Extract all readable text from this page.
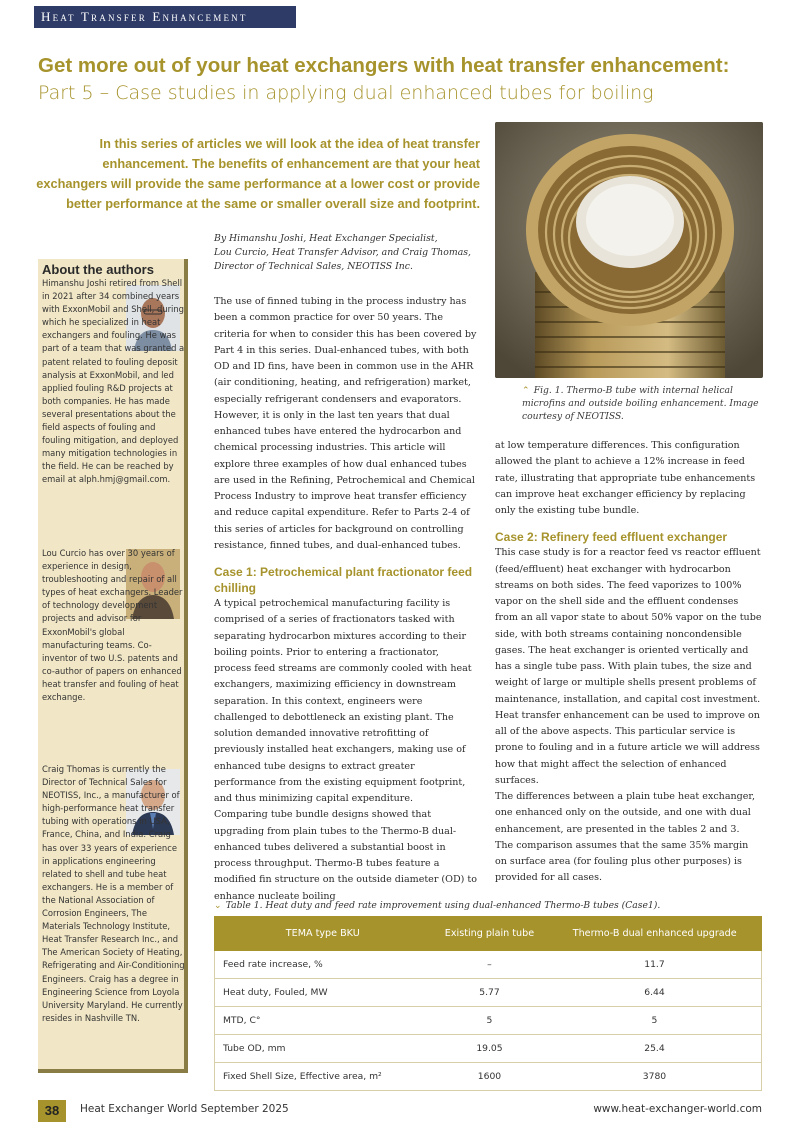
Heat Transfer Enhancement
Get more out of your heat exchangers with heat transfer enhancement:
Part 5 – Case studies in applying dual enhanced tubes for boiling

In this series of articles we will look at the idea of heat transfer enhancement. The benefits of enhancement are that your heat exchangers will provide the same performance at a lower cost or provide better performance at the same or smaller overall size and footprint.

⌃ Fig. 1. Thermo-B tube with internal helical microfins and outside boiling enhancement. Image courtesy of NEOTISS.
About the authors

Himanshu Joshi retired from Shell in 2021 after 34 combined years with ExxonMobil and Shell, during which he specialized in heat exchangers and fouling. He was part of a team that was granted a patent related to fouling deposit analysis at ExxonMobil, and led applied fouling R&D projects at both companies. He has made several presentations about the field aspects of fouling and fouling mitigation, and deployed many mitigation technologies in the field. He can be reached by email at alph.hmj@gmail.com.

Lou Curcio has over 30 years of experience in design, troubleshooting and repair of all types of heat exchangers. Leader of technology development projects and advisor for ExxonMobil's global manufacturing teams. Co-inventor of two U.S. patents and co-author of papers on enhanced heat transfer and fouling of heat exchange.

Craig Thomas is currently the Director of Technical Sales for NEOTISS, Inc., a manufacturer of high-performance heat transfer tubing with operations in USA, France, China, and India. Craig has over 33 years of experience in applications engineering related to shell and tube heat exchangers. He is a member of the National Association of Corrosion Engineers, The Materials Technology Institute, Heat Transfer Research Inc., and The American Society of Heating, Refrigerating and Air-Conditioning Engineers. Craig has a degree in Engineering Science from Loyola University Maryland. He currently resides in Nashville TN.

By Himanshu Joshi, Heat Exchanger Specialist,
Lou Curcio, Heat Transfer Advisor, and Craig Thomas,
Director of Technical Sales, NEOTISS Inc.

The use of finned tubing in the process industry has been a common practice for over 50 years. The criteria for when to consider this has been covered by Part 4 in this series. Dual-enhanced tubes, with both OD and ID fins, have been in common use in the AHR (air conditioning, heating, and refrigeration) market, especially refrigerant condensers and evaporators. However, it is only in the last ten years that dual enhanced tubes have entered the hydrocarbon and chemical processing industries. This article will explore three examples of how dual enhanced tubes are used in the Refining, Petrochemical and Chemical Process Industry to improve heat transfer efficiency and reduce capital expenditure. Refer to Parts 2-4 of this series of articles for background on controlling resistance, finned tubes, and dual-enhanced tubes.

Case 1: Petrochemical plant fractionator feed chilling

A typical petrochemical manufacturing facility is comprised of a series of fractionators tasked with separating hydrocarbon mixtures according to their boiling points. Prior to entering a fractionator, process feed streams are commonly cooled with heat exchangers, maximizing efficiency in downstream separation. In this context, engineers were challenged to debottleneck an existing plant. The solution demanded innovative retrofitting of previously installed heat exchangers, making use of enhanced tube designs to extract greater performance from the existing equipment footprint, and thus minimizing capital expenditure.

Comparing tube bundle designs showed that upgrading from plain tubes to the Thermo-B dual-enhanced tubes delivered a substantial boost in process throughput. Thermo-B tubes feature a modified fin structure on the outside diameter (OD) to enhance nucleate boiling

at low temperature differences. This configuration allowed the plant to achieve a 12% increase in feed rate, illustrating that appropriate tube enhancements can improve heat exchanger efficiency by replacing only the existing tube bundle.

Case 2: Refinery feed effluent exchanger

This case study is for a reactor feed vs reactor effluent (feed/effluent) heat exchanger with hydrocarbon streams on both sides. The feed vaporizes to 100% vapor on the shell side and the effluent condenses from an all vapor state to about 50% vapor on the tube side, with both streams containing noncondensible gases. The heat exchanger is oriented vertically and has a single tube pass. With plain tubes, the size and weight of large or multiple shells present problems of maintenance, installation, and capital cost investment. Heat transfer enhancement can be used to improve on all of the above aspects. This particular service is prone to fouling and in a future article we will address how that might affect the selection of enhanced surfaces.

The differences between a plain tube heat exchanger, one enhanced only on the outside, and one with dual enhancement, are presented in the tables 2 and 3.

The comparison assumes that the same 35% margin on surface area (for fouling plus other purposes) is provided for all cases.

⌄ Table 1. Heat duty and feed rate improvement using dual-enhanced Thermo-B tubes (Case1).
TEMA type BKU	Existing plain tube	Thermo-B dual enhanced upgrade
Feed rate increase, %	–	11.7
Heat duty, Fouled, MW	5.77	6.44
MTD, C°	5	5
Tube OD, mm	19.05	25.4
Fixed Shell Size, Effective area, m²	1600	3780
38	Heat Exchanger World September 2025	www.heat-exchanger-world.com
